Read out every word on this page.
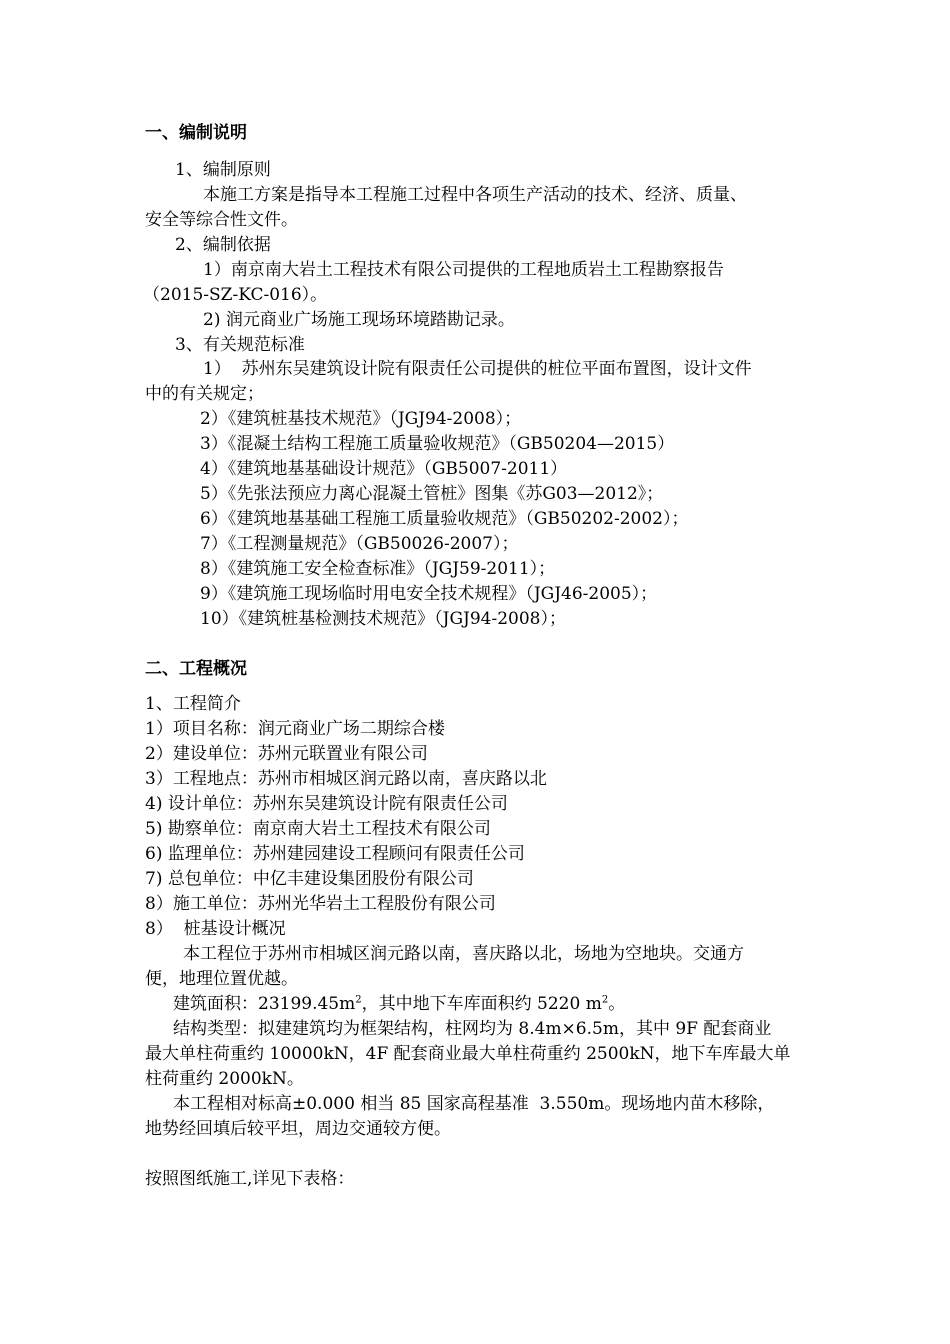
一、编制说明
1、编制原则
本施工方案是指导本工程施工过程中各项生产活动的技术、经济、质量、
安全等综合性文件。
2、编制依据
1）南京南大岩土工程技术有限公司提供的工程地质岩土工程勘察报告
（2015-SZ-KC-016）。
2) 润元商业广场施工现场环境踏勘记录。
3、有关规范标准
1）  苏州东吴建筑设计院有限责任公司提供的桩位平面布置图，设计文件
中的有关规定；
2）《建筑桩基技术规范》（JGJ94-2008）；
3）《混凝土结构工程施工质量验收规范》（GB50204—2015）
4）《建筑地基基础设计规范》（GB5007-2011）
5）《先张法预应力离心混凝土管桩》图集《苏G03—2012》；
6）《建筑地基基础工程施工质量验收规范》（GB50202-2002）；
7）《工程测量规范》（GB50026-2007）；
8）《建筑施工安全检查标准》（JGJ59-2011）；
9）《建筑施工现场临时用电安全技术规程》（JGJ46-2005）；
10）《建筑桩基检测技术规范》（JGJ94-2008）；
二、工程概况
1、工程简介
1）项目名称：润元商业广场二期综合楼
2）建设单位：苏州元联置业有限公司
3）工程地点：苏州市相城区润元路以南，喜庆路以北
4) 设计单位：苏州东吴建筑设计院有限责任公司
5) 勘察单位：南京南大岩土工程技术有限公司
6) 监理单位：苏州建园建设工程顾问有限责任公司
7) 总包单位：中亿丰建设集团股份有限公司
8）施工单位：苏州光华岩土工程股份有限公司
8）  桩基设计概况
本工程位于苏州市相城区润元路以南，喜庆路以北，场地为空地块。交通方
便，地理位置优越。
建筑面积：$23199.45m^2$，其中地下车库面积约 5220 $m^2$。
结构类型：拟建建筑均为框架结构，柱网均为 8.4m×6.5m，其中 9F 配套商业
最大单柱荷重约 10000kN，4F 配套商业最大单柱荷重约 2500kN，地下车库最大单
柱荷重约 2000kN。
本工程相对标高±0.000 相当 85 国家高程基准  3.550m。现场地内苗木移除，
地势经回填后较平坦，周边交通较方便。
按照图纸施工,详见下表格：
